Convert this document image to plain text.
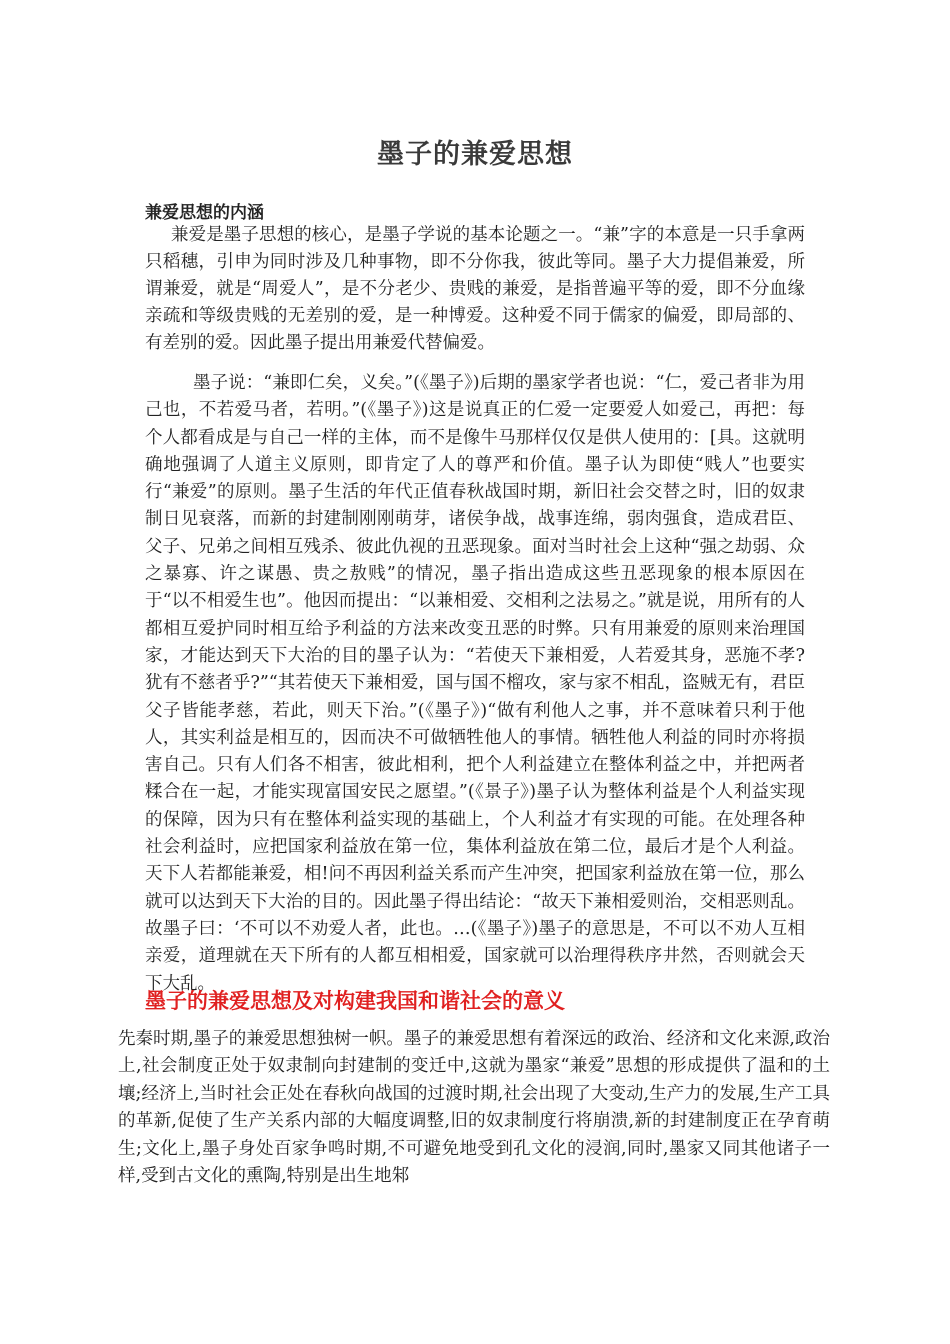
墨子的兼爱思想
兼爱思想的内涵

兼爱是墨子思想的核心，是墨子学说的基本论题之一。“兼”字的本意是一只手拿两只稻穗，引申为同时涉及几种事物，即不分你我，彼此等同。墨子大力提倡兼爱，所谓兼爱，就是“周爱人”，是不分老少、贵贱的兼爱，是指普遍平等的爱，即不分血缘亲疏和等级贵贱的无差别的爱，是一种博爱。这种爱不同于儒家的偏爱，即局部的、有差别的爱。因此墨子提出用兼爱代替偏爱。

墨子说：“兼即仁矣，义矣。”(《墨子》)后期的墨家学者也说：“仁，爱己者非为用己也，不若爱马者，若明。”(《墨子》)这是说真正的仁爱一定要爱人如爱己，再把：每个人都看成是与自己一样的主体，而不是像牛马那样仅仅是供人使用的：[具。这就明确地强调了人道主义原则，即肯定了人的尊严和价值。墨子认为即使“贱人”也要实行“兼爱”的原则。墨子生活的年代正值春秋战国时期，新旧社会交替之时，旧的奴隶制日见衰落，而新的封建制刚刚萌芽，诸侯争战，战事连绵，弱肉强食，造成君臣、父子、兄弟之间相互残杀、彼此仇视的丑恶现象。面对当时社会上这种“强之劫弱、众之暴寡、许之谋愚、贵之敖贱”的情况，墨子指出造成这些丑恶现象的根本原因在于“以不相爱生也”。他因而提出：“以兼相爱、交相利之法易之。”就是说，用所有的人都相互爱护同时相互给予利益的方法来改变丑恶的时弊。只有用兼爱的原则来治理国家，才能达到天下大治的目的墨子认为：“若使天下兼相爱，人若爱其身，恶施不孝?犹有不慈者乎?”“其若使天下兼相爱，国与国不榴攻，家与家不相乱，盗贼无有，君臣父子皆能孝慈，若此，则天下治。”(《墨子》)“做有利他人之事，并不意味着只利于他人，其实利益是相互的，因而决不可做牺牲他人的事情。牺牲他人利益的同时亦将损害自己。只有人们各不相害，彼此相利，把个人利益建立在整体利益之中，并把两者糅合在一起，才能实现富国安民之愿望。”(《景子》)墨子认为整体利益是个人利益实现的保障，因为只有在整体利益实现的基础上，个人利益才有实现的可能。在处理各种社会利益时，应把国家利益放在第一位，集体利益放在第二位，最后才是个人利益。天下人若都能兼爱，相!问不再因利益关系而产生冲突，把国家利益放在第一位，那么就可以达到天下大治的目的。因此墨子得出结论：“故天下兼相爱则治，交相恶则乱。故墨子曰：‘不可以不劝爱人者，此也。…(《墨子》)墨子的意思是，不可以不劝人互相亲爱，道理就在天下所有的人都互相相爱，国家就可以治理得秩序井然，否则就会天下大乱。

墨子的兼爱思想及对构建我国和谐社会的意义

先秦时期,墨子的兼爱思想独树一帜。墨子的兼爱思想有着深远的政治、经济和文化来源,政治上,社会制度正处于奴隶制向封建制的变迁中,这就为墨家“兼爱”思想的形成提供了温和的土壤;经济上,当时社会正处在春秋向战国的过渡时期,社会出现了大变动,生产力的发展,生产工具的革新,促使了生产关系内部的大幅度调整,旧的奴隶制度行将崩溃,新的封建制度正在孕育萌生;文化上,墨子身处百家争鸣时期,不可避免地受到孔文化的浸润,同时,墨家又同其他诸子一样,受到古文化的熏陶,特别是出生地邾
